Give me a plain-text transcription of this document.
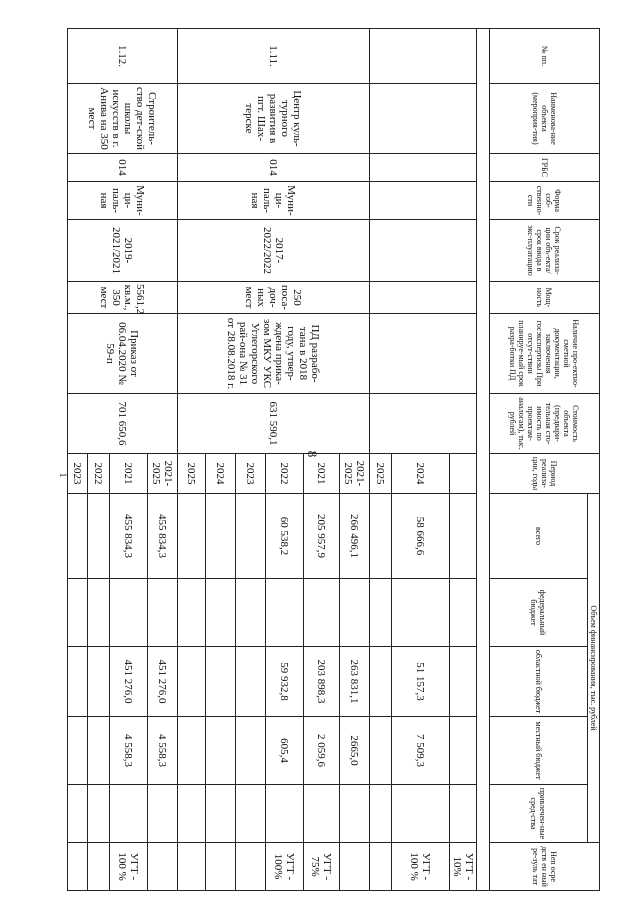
8
1
№ пп.	Наименова-ние объекта (мероприя-тия)	ГРБС	Форма соб-ственно-сти	Срок реализа-ции объ-екта/срок ввода в экс-плуатацию	Мощ-ность	Наличие про-ектно-сметной документации, заключения госэкспертизы При отсут-ствии планируе-мый срок разра-ботки ПД	Стоимость объекта (предвари-тельная сто-имость по проектам-аналогам), тыс. рублей	Период реализа-ции, годы	Объем финансирования, тыс. рублей					Неп осре дств ен ный ре-зуль тат
									всего	федеральный бюджет	областной бюджет	местный бюджет	привлечен-ные сред-ства	

														УГТ - 10%
								2024	58 666,6		51 157,3	7 509,3		УГТ - 100 %
								2025						
1.11.	Центр куль-турного развития в пгт. Шах-терске	014	Муни-ци-паль-ная	2017-2022/2022	250 поса-доч-ных мест	ПД разрабо-тана в 2018 году, утвер-ждена прика-зом МКУ УКС Углегорского рай-она № 31 от 28.08.2018 г.	631 590,1	2021-2025	266 496,1		263 831,1	2665,0		
								2021	205 957,9		203 898,3	2 059,6		УГТ - 75%
								2022	60 538,2		59 932,8	605,4		УГТ - 100%
								2023						
								2024						
								2025						
1.12.	Строитель-ство дет-ской школы искусств в г. Анива на 350 мест	014	Муни-ци-паль-ная	2019-2021/2021	5561,2 кв.м., 350 мест	Приказ от 06.04.2020 № 59-п	701 650,6	2021-2025	455 834,3		451 276,0	4 558,3		
								2021	455 834,3		451 276,0	4 558,3		УГТ - 100 %
								2022						
								2023						
